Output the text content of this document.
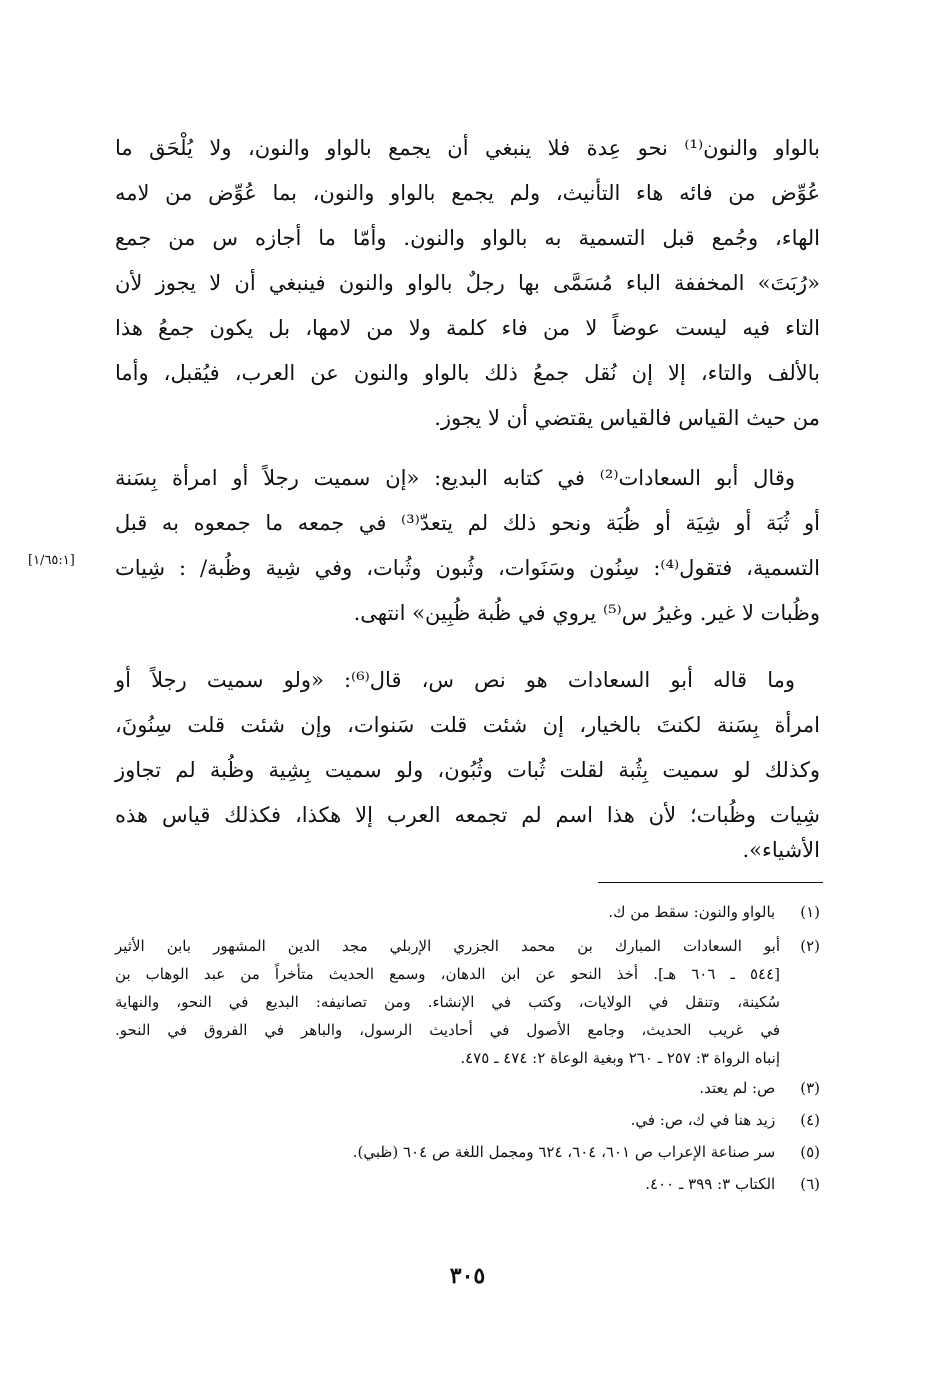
بالواو والنون⁽¹⁾ نحو عِدة فلا ينبغي أن يجمع بالواو والنون، ولا يُلْحَق ما
عُوِّض من فائه هاء التأنيث، ولم يجمع بالواو والنون، بما عُوِّض من لامه
الهاء، وجُمع قبل التسمية به بالواو والنون. وأمّا ما أجازه س من جمع
«رُبَتَ» المخففة الباء مُسَمَّى بها رجلٌ بالواو والنون فينبغي أن لا يجوز لأن
التاء فيه ليست عوضاً لا من فاء كلمة ولا من لامها، بل يكون جمعُ هذا
بالألف والتاء، إلا إن نُقل جمعُ ذلك بالواو والنون عن العرب، فيُقبل، وأما
من حيث القياس فالقياس يقتضي أن لا يجوز.
وقال أبو السعادات⁽²⁾ في كتابه البديع: «إن سميت رجلاً أو امرأة بِسَنة
أو ثُبَة أو شِيَة أو ظُبَة ونحو ذلك لم يتعدّ⁽³⁾ في جمعه ما جمعوه به قبل
التسمية، فتقول⁽⁴⁾: سِنُون وسَنَوات، وثُبون وثُبات، وفي شِية وظُبة/ : شِيات
وظُبات لا غير. وغيرُ س⁽⁵⁾ يروي في ظُبة ظُبِين» انتهى.
[١/٦٥:١]
وما قاله أبو السعادات هو نص س، قال⁽⁶⁾: «ولو سميت رجلاً أو
امرأة بِسَنة لكنتَ بالخيار، إن شئت قلت سَنوات، وإن شئت قلت سِنُونَ،
وكذلك لو سميت بِثُبة لقلت ثُبات وثُبُون، ولو سميت بِشِية وظُبة لم تجاوز
شِيات وظُبات؛ لأن هذا اسم لم تجمعه العرب إلا هكذا، فكذلك قياس هذه
الأشياء».
(١) بالواو والنون: سقط من ك.
(٢)
أبو السعادات المبارك بن محمد الجزري الإربلي مجد الدين المشهور بابن الأثير
[٥٤٤ ـ ٦٠٦ هـ]. أخذ النحو عن ابن الدهان، وسمع الحديث متأخراً من عبد الوهاب بن
سُكينة، وتنقل في الولايات، وكتب في الإنشاء. ومن تصانيفه: البديع في النحو، والنهاية
في غريب الحديث، وجامع الأصول في أحاديث الرسول، والباهر في الفروق في النحو.
إنباه الرواة ٣: ٢٥٧ ـ ٢٦٠ وبغية الوعاة ٢: ٤٧٤ ـ ٤٧٥.
(٣) ص: لم يعتد.
(٤) زيد هنا في ك، ص: في.
(٥) سر صناعة الإعراب ص ٦٠١، ٦٠٤، ٦٢٤ ومجمل اللغة ص ٦٠٤ (ظبي).
(٦) الكتاب ٣: ٣٩٩ ـ ٤٠٠.
٣٠٥
